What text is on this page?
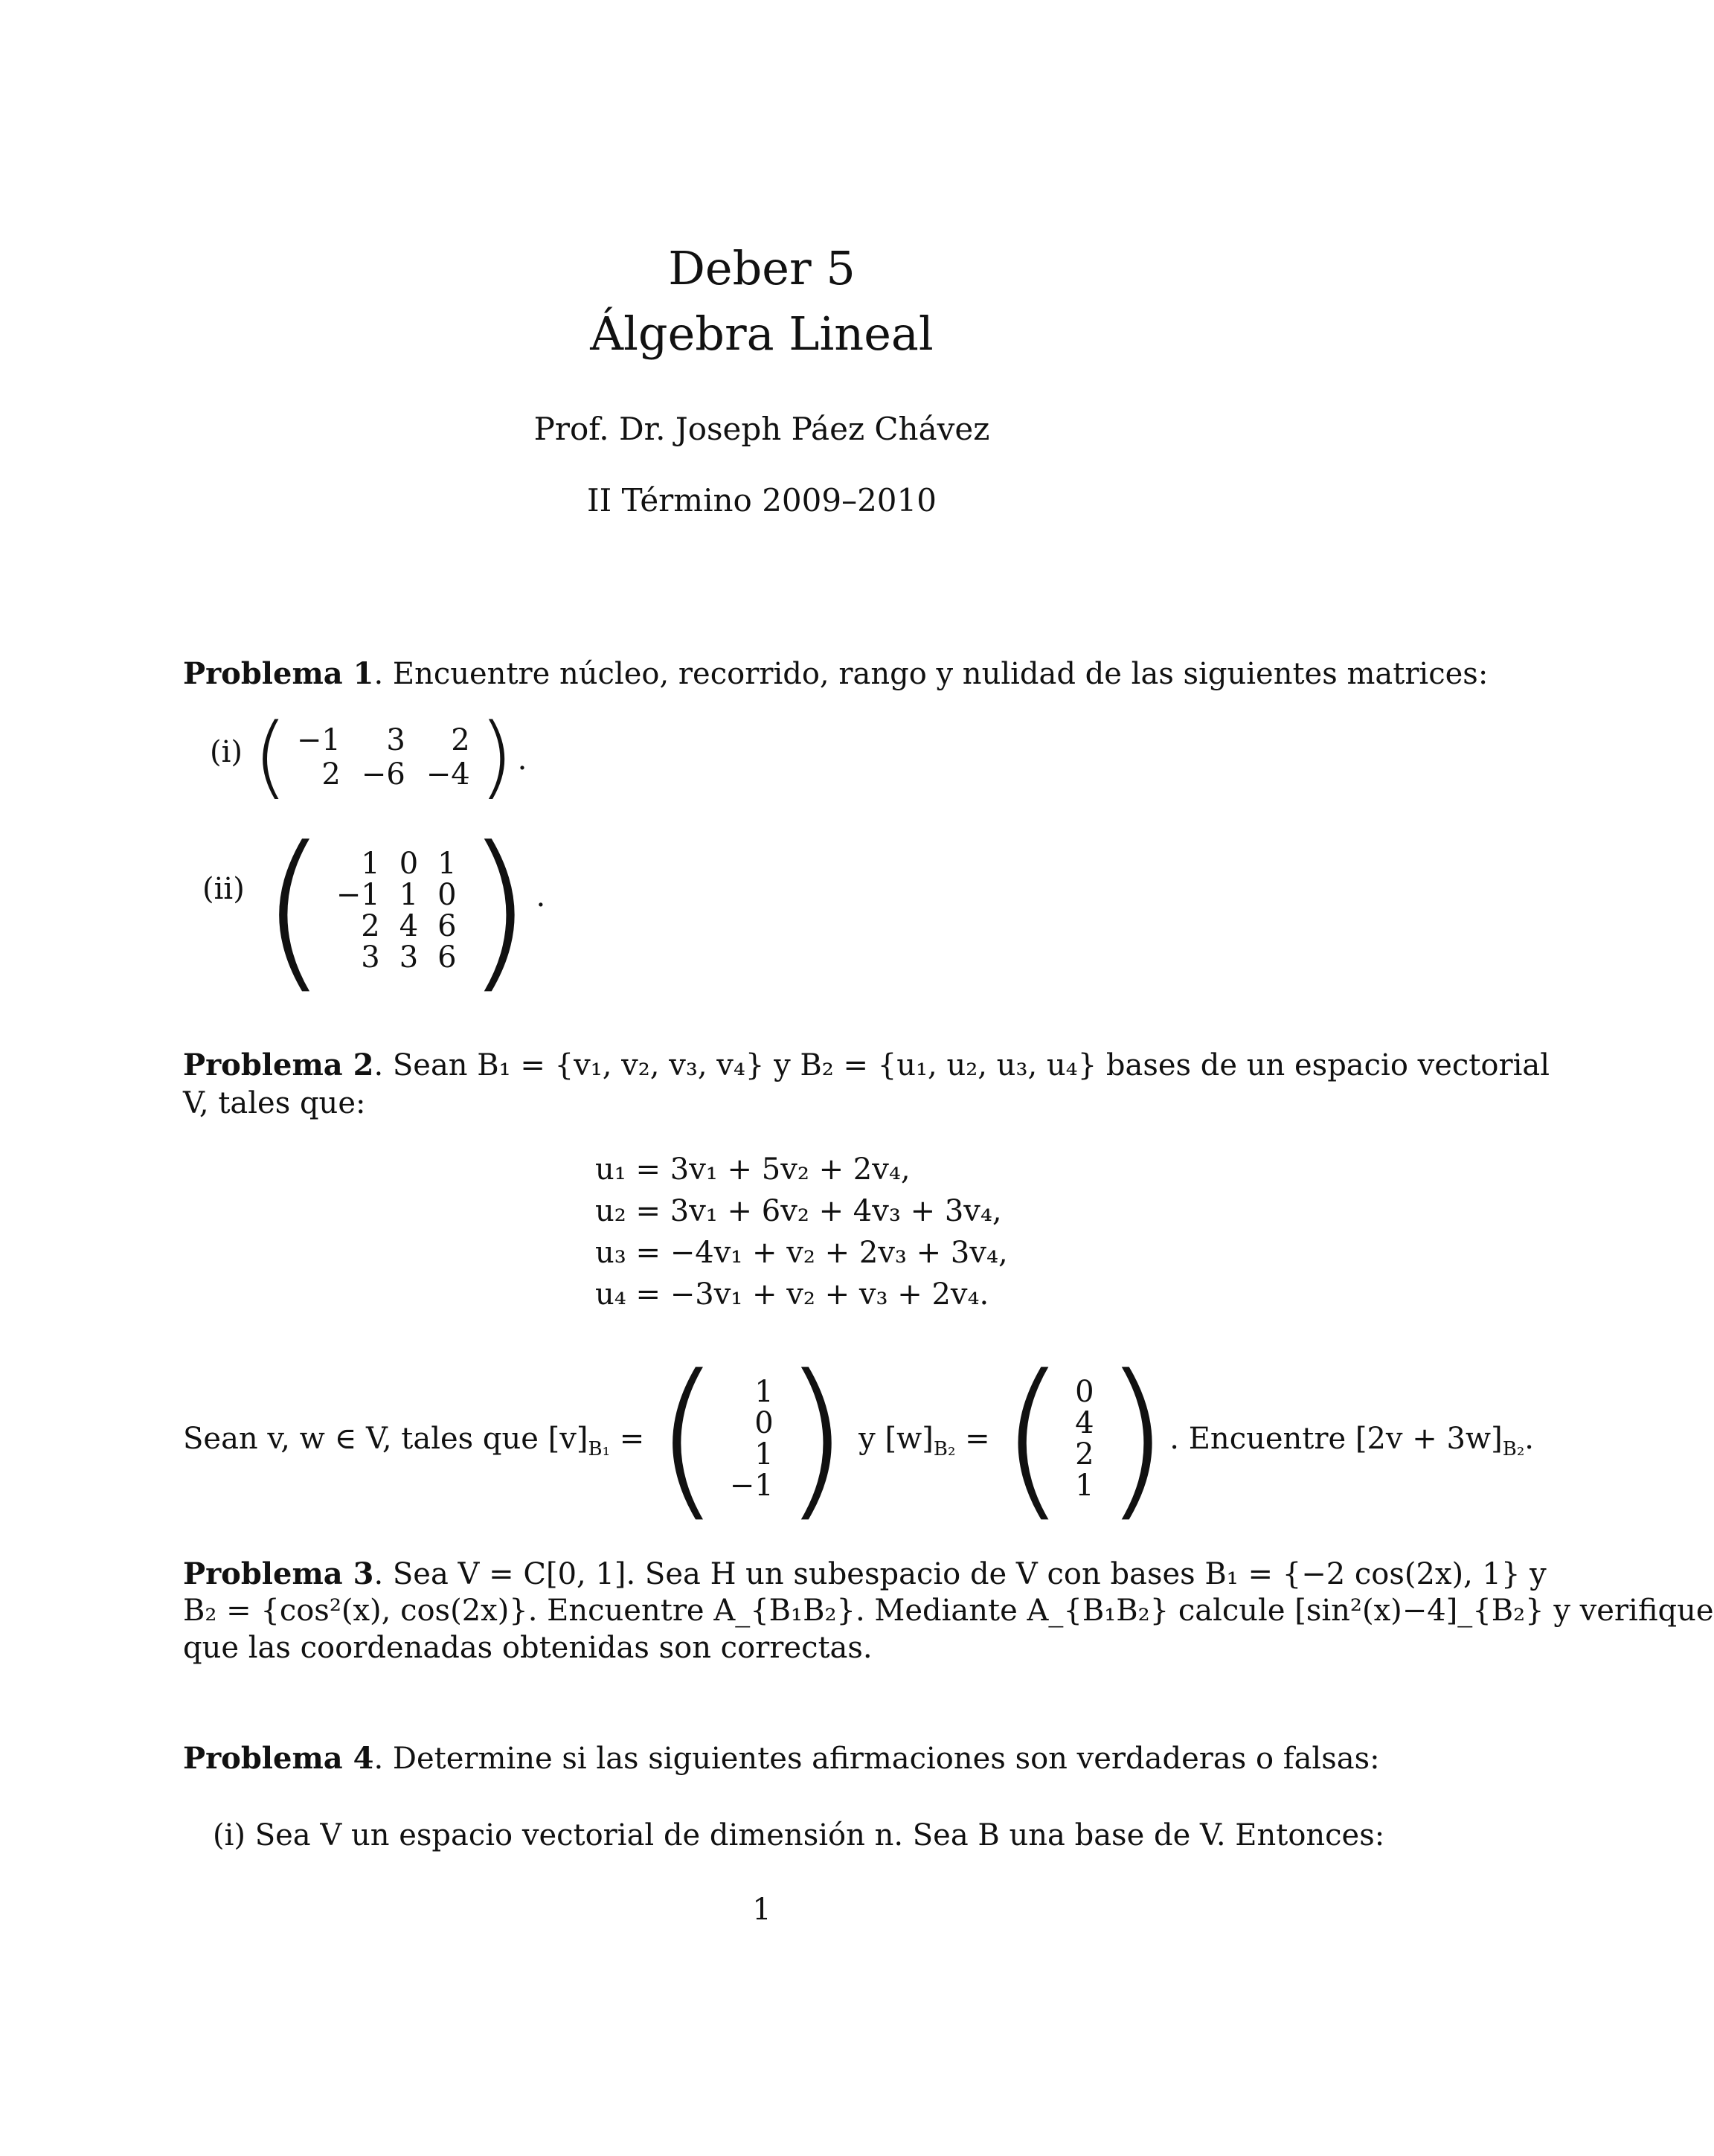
Deber 5
Álgebra Lineal
Prof. Dr. Joseph Páez Chávez
II Término 2009–2010
Problema 1. Encuentre núcleo, recorrido, rango y nulidad de las siguientes matrices:
(i) ( −1	3	2
2 −6 −4 ) .
(ii) (	1 0 1
−1 1 0
2 4 6
3 3 6 ) .
Problema 2. Sean B₁ = {v₁, v₂, v₃, v₄} y B₂ = {u₁, u₂, u₃, u₄} bases de un espacio vectorial
V, tales que:
u₁ = 3v₁ + 5v₂ + 2v₄,
u₂ = 3v₁ + 6v₂ + 4v₃ + 3v₄,
u₃ = −4v₁ + v₂ + 2v₃ + 3v₄,
u₄ = −3v₁ + v₂ + v₃ + 2v₄.
Sean v, w ∈ V, tales que $[v]_{B_1}$ = (	1
0
1
−1 )
y $[w]_{B_2}$ = ( 0
4
2
1 ) . Encuentre $[2v + 3w]_{B_2}$ .
Problema 3. Sea V = C[0, 1]. Sea H un subespacio de V con bases B₁ = {−2 cos(2x), 1} y
B₂ = {cos²(x), cos(2x)}. Encuentre A_{B₁B₂}. Mediante A_{B₁B₂} calcule [sin²(x)−4]_{B₂} y verifique
que las coordenadas obtenidas son correctas.
Problema 4. Determine si las siguientes afirmaciones son verdaderas o falsas:
(i) Sea V un espacio vectorial de dimensión n. Sea B una base de V. Entonces:
1
